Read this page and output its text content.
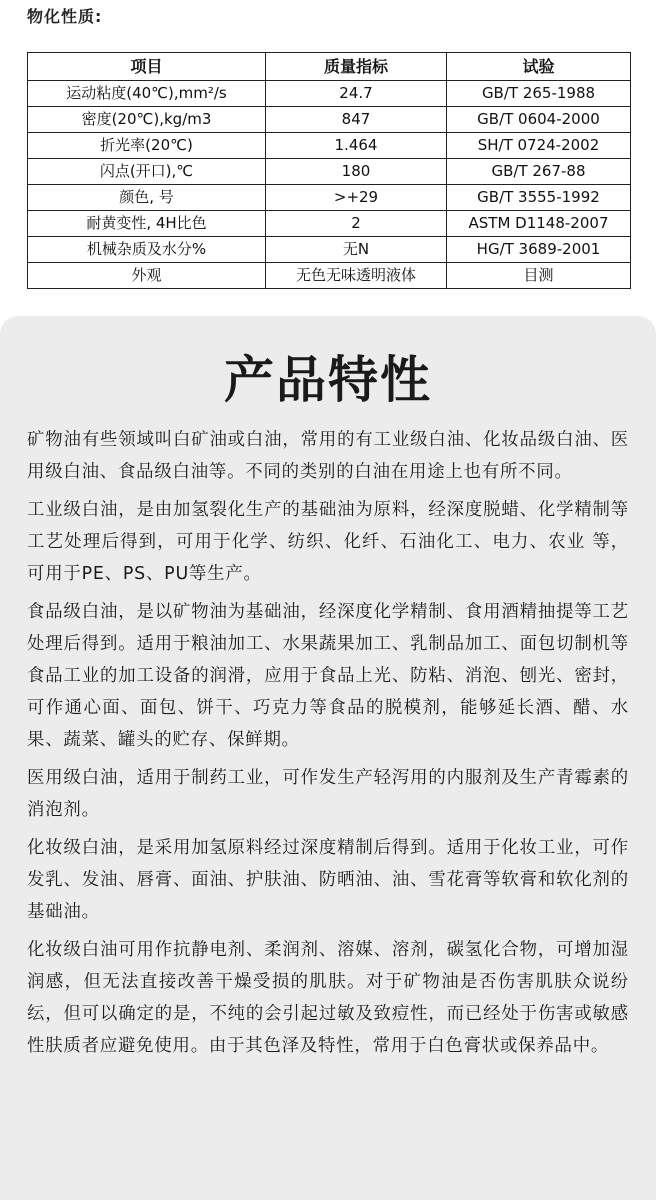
物化性质:
项目	质量指标	试验
运动粘度(40℃),mm²/s	24.7	GB/T 265-1988
密度(20℃),kg/m3	847	GB/T 0604-2000
折光率(20℃)	1.464	SH/T 0724-2002
闪点(开口),℃	180	GB/T 267-88
颜色, 号	>+29	GB/T 3555-1992
耐黄变性, 4H比色	2	ASTM D1148-2007
机械杂质及水分%	无N	HG/T 3689-2001
外观	无色无味透明液体	目测
产品特性

矿物油有些领域叫白矿油或白油，常用的有工业级白油、化妆品级白油、医用级白油、食品级白油等。不同的类别的白油在用途上也有所不同。

工业级白油，是由加氢裂化生产的基础油为原料，经深度脱蜡、化学精制等工艺处理后得到，可用于化学、纺织、化纤、石油化工、电力、农业 等，可用于PE、PS、PU等生产。

食品级白油，是以矿物油为基础油，经深度化学精制、食用酒精抽提等工艺处理后得到。适用于粮油加工、水果蔬果加工、乳制品加工、面包切制机等食品工业的加工设备的润滑，应用于食品上光、防粘、消泡、刨光、密封，可作通心面、面包、饼干、巧克力等食品的脱模剂，能够延长酒、醋、水果、蔬菜、罐头的贮存、保鲜期。

医用级白油，适用于制药工业，可作发生产轻泻用的内服剂及生产青霉素的消泡剂。

化妆级白油，是采用加氢原料经过深度精制后得到。适用于化妆工业，可作发乳、发油、唇膏、面油、护肤油、防晒油、油、雪花膏等软膏和软化剂的基础油。

化妆级白油可用作抗静电剂、柔润剂、溶媒、溶剂，碳氢化合物，可增加湿润感，但无法直接改善干燥受损的肌肤。对于矿物油是否伤害肌肤众说纷纭，但可以确定的是，不纯的会引起过敏及致痘性，而已经处于伤害或敏感性肤质者应避免使用。由于其色泽及特性，常用于白色膏状或保养品中。
